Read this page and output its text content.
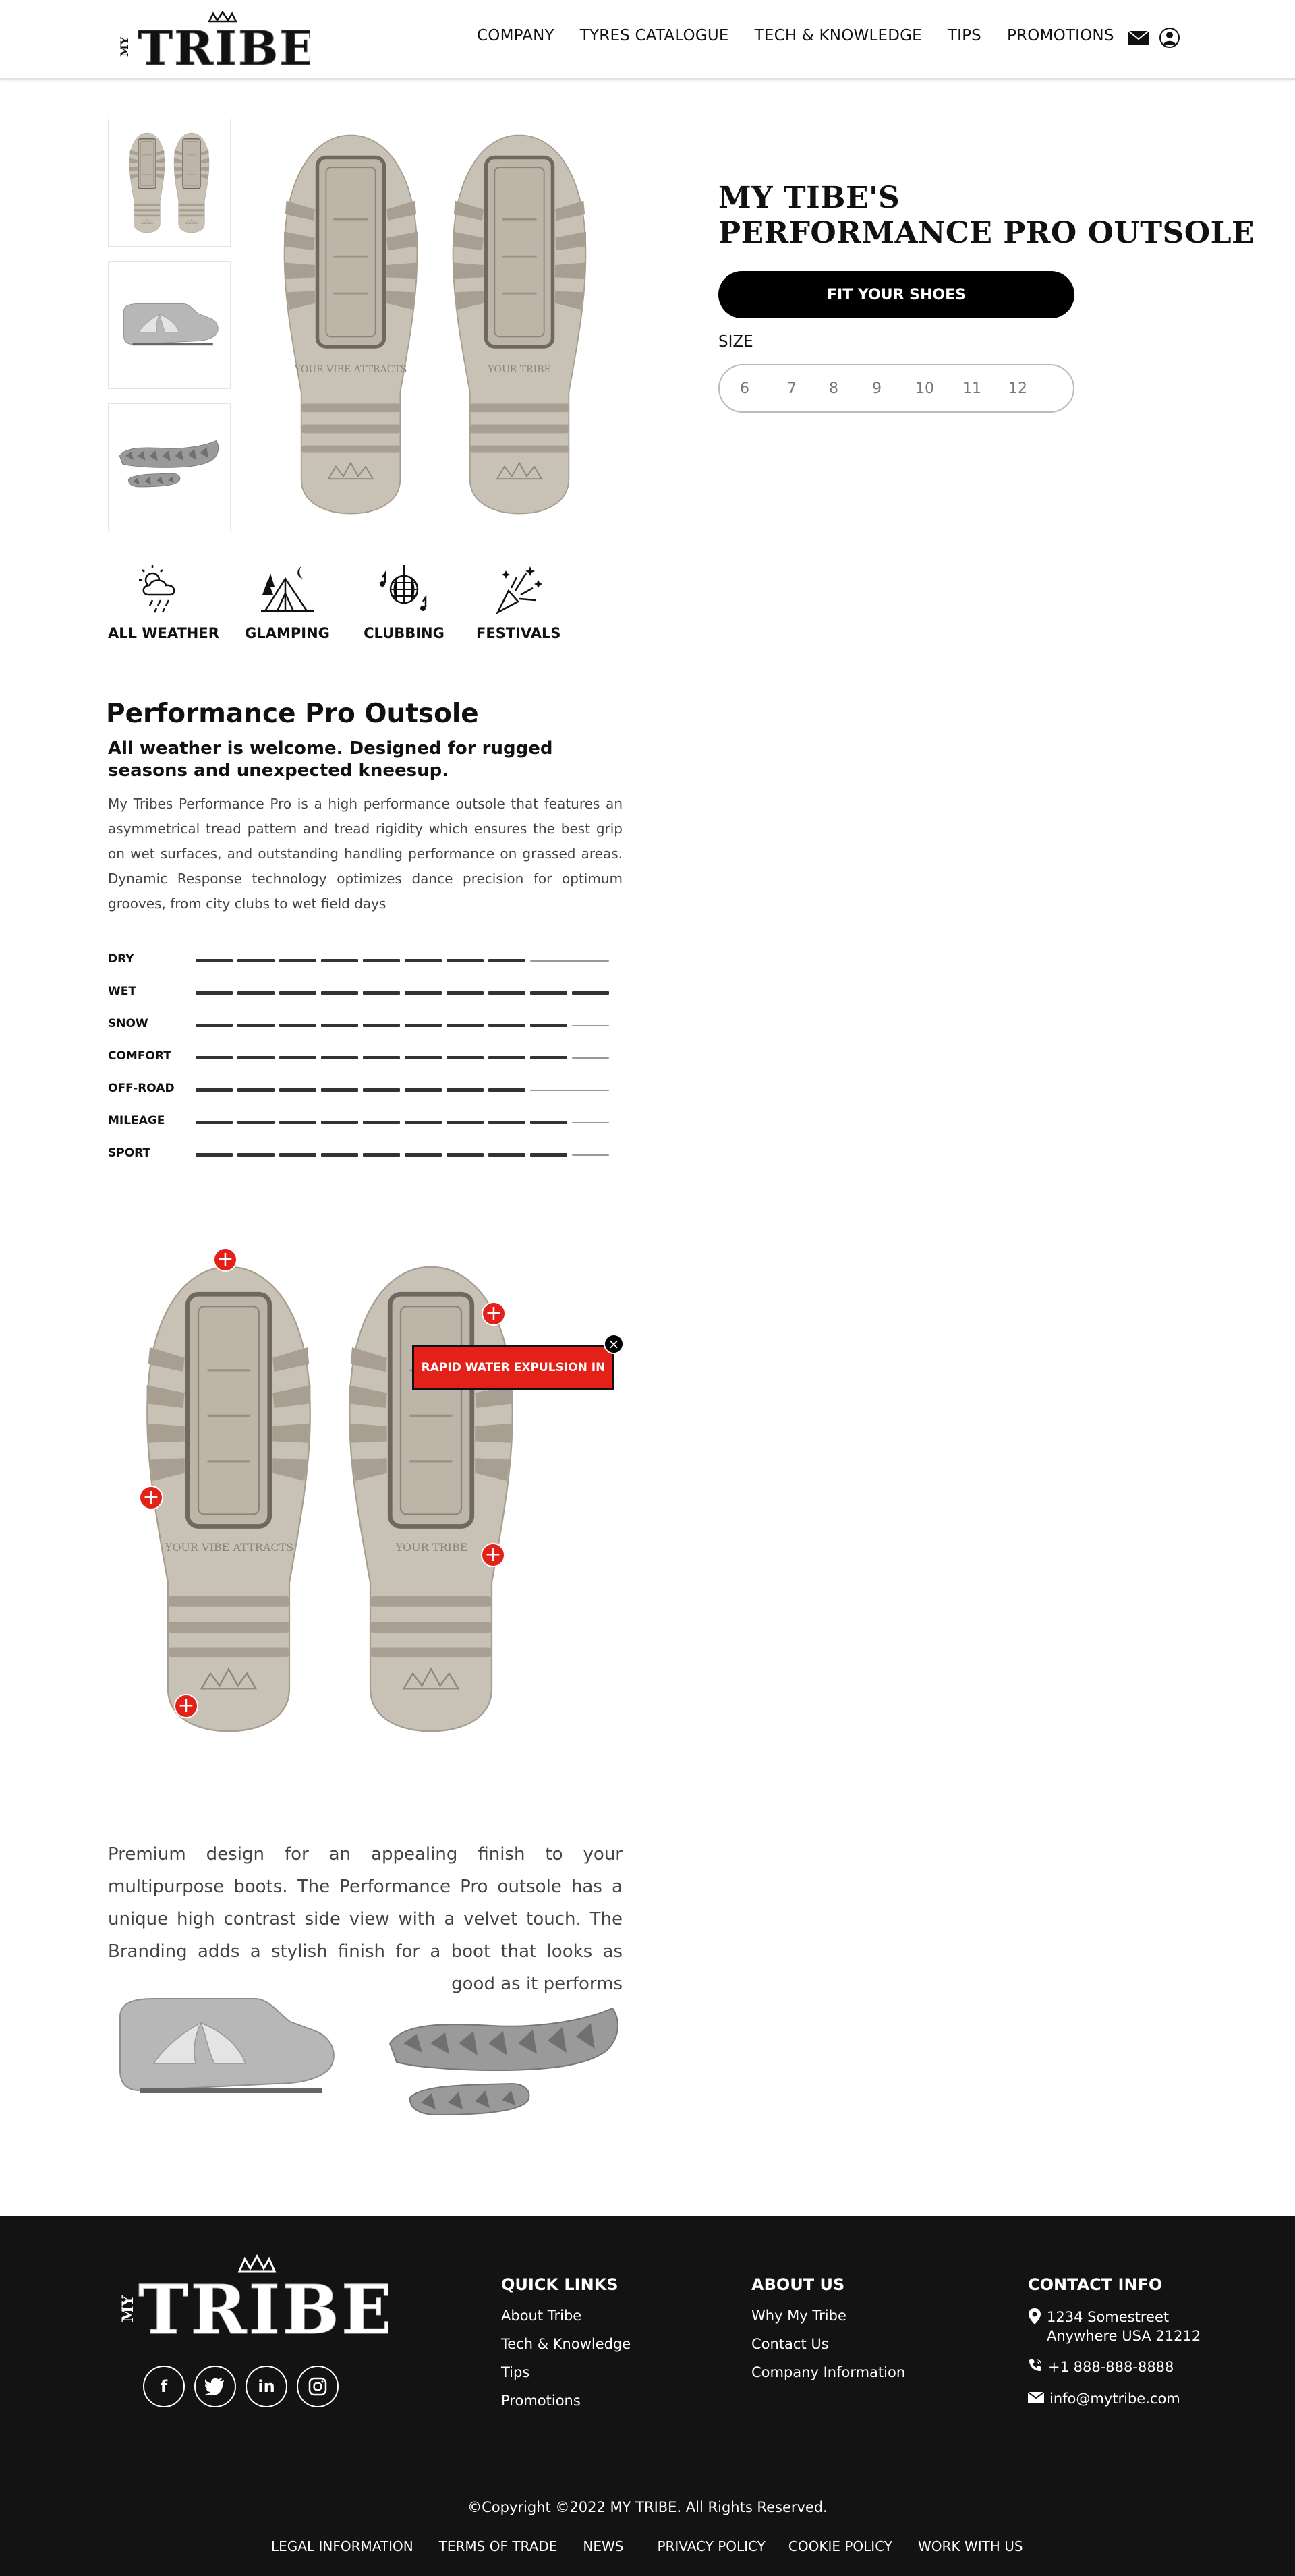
MY TRIBE	COMPANY TYRES CATALOGUE TECH & KNOWLEDGE TIPS PROMOTIONS
YOUR VIBE ATTRACTS	YOUR TRIBE
MY TIBE'S
PERFORMANCE PRO OUTSOLE
FIT YOUR SHOES
SIZE
6	7	8	9	10	11	12
ALL WEATHER GLAMPING CLUBBING FESTIVALS
Performance Pro Outsole
All weather is welcome. Designed for rugged seasons and unexpected kneesup.

My Tribes Performance Pro is a high performance outsole that features an asymmetrical tread pattern and tread rigidity which ensures the best grip on wet surfaces, and outstanding handling performance on grassed areas. Dynamic Response technology optimizes dance precision for optimum grooves, from city clubs to wet field days

DRY
WET
SNOW
COMFORT
OFF-ROAD
MILEAGE
SPORT
YOUR VIBE ATTRACTS	YOUR TRIBE
+
+
+
+
+
RAPID WATER EXPULSION IN
×

Premium design for an appealing finish to your multipurpose boots. The Performance Pro outsole has a unique high contrast side view with a velvet touch. The Branding adds a stylish finish for a boot that looks as good as it performs

MY TRIBE
f	in
QUICK LINKS
About Tribe
Tech & Knowledge
Tips
Promotions
ABOUT US
Why My Tribe
Contact Us
Company Information
CONTACT INFO
1234 Somestreet
Anywhere USA 21212
+1 888-888-8888
info@mytribe.com
©Copyright ©2022 MY TRIBE. All Rights Reserved.
LEGAL INFORMATION TERMS OF TRADE NEWS	PRIVACY POLICY COOKIE POLICY WORK WITH US
